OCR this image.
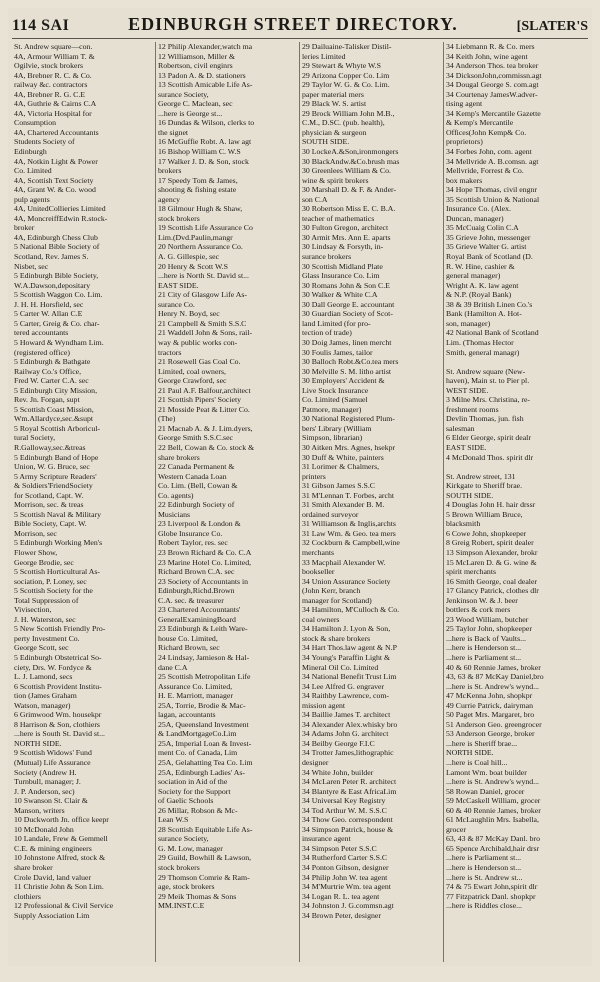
114 SAI	EDINBURGH STREET DIRECTORY.	[SLATER'S
St. Andrew square—con.
4A, Armour William T. &
Ogilvie, stock brokers
4A, Brebner R. C. & Co.
railway &c. contractors
4A, Brebner R. G. C.E
4A, Guthrie & Cairns C.A
4A, Victoria Hospital for
Consumption
4A, Chartered Accountants
Students Society of
Edinburgh
4A, Notkin Light & Power
Co. Limited
4A, Scottish Text Society
4A, Grant W. & Co. wood
pulp agents
4A, UnitedCollieries Limited
4A, MoncreiffEdwin R.stock-
broker
4A, Edinburgh Chess Club
5 National Bible Society of
Scotland, Rev. James S.
Nisbet, sec
5 Edinburgh Bible Society,
W.A.Dawson,depositary
5 Scottish Waggon Co. Lim.
J. H. H. Horsfield, sec
5 Carter W. Allan C.E
5 Carter, Greig & Co. char-
tered accountants
5 Howard & Wyndham Lim.
(registered office)
5 Edinburgh & Bathgate
Railway Co.'s Office,
Fred W. Carter C.A. sec
5 Edinburgh City Mission,
Rev. Jn. Forgan, supt
5 Scottish Coast Mission,
Wm.Allardyce,sec.&supt
5 Royal Scottish Arboricul-
tural Society,
R.Galloway,sec.&treas
5 Edinburgh Band of Hope
Union, W. G. Bruce, sec
5 Army Scripture Readers'
& Soldiers'FriendSociety
for Scotland, Capt. W.
Morrison, sec. & treas
5 Scottish Naval & Military
Bible Society, Capt. W.
Morrison, sec
5 Edinburgh Working Men's
Flower Show,
George Brodie, sec
5 Scottish Horticultural As-
sociation, P. Loney, sec
5 Scottish Society for the
Total Suppression of
Vivisection,
J. H. Waterston, sec
5 New Scottish Friendly Pro-
perty Investment Co.
George Scott, sec
5 Edinburgh Obstetrical So-
ciety, Drs. W. Fordyce &
L. J. Lamond, secs
6 Scottish Provident Institu-
tion (James Graham
Watson, manager)
6 Grimwood Wm. housekpr
8 Harrison & Son, clothiers
...here is South St. David st...
NORTH SIDE.
9 Scottish Widows' Fund
(Mutual) Life Assurance
Society (Andrew H.
Turnbull, manager; J.
J. P. Anderson, sec)
10 Swanson St. Clair &
Manson, writers
10 Duckworth Jn. office keepr
10 McDonald John
10 Landale, Frew & Gemmell
C.E. & mining engineers
10 Johnstone Alfred, stock &
share broker
Crole David, land valuer
11 Christie John & Son Lim.
clothiers
12 Professional & Civil Service
Supply Association Lim
12 Philip Alexander,watch ma
12 Williamson, Miller &
Robertson, civil enginrs
13 Padon A. & D. stationers
13 Scottish Amicable Life As-
surance Society,
George C. Maclean, sec
...here is George st...
16 Dundas & Wilson, clerks to
the signet
16 McGuffie Robt. A. law agt
16 Bishop William C. W.S
17 Walker J. D. & Son, stock
brokers
17 Speedy Tom & James,
shooting & fishing estate
agency
18 Gilmour Hugh & Shaw,
stock brokers
19 Scottish Life Assurance Co
Lim.(Dvd.Paulin,mangr
20 Northern Assurance Co.
A. G. Gillespie, sec
20 Henry & Scott W.S
...here is North St. David st...
EAST SIDE.
21 City of Glasgow Life As-
surance Co.
Henry N. Boyd, sec
21 Campbell & Smith S.S.C
21 Waddell John & Sons, rail-
way & public works con-
tractors
21 Rosewell Gas Coal Co.
Limited, coal owners,
George Crawford, sec
21 Paul A.F. Balfour,architect
21 Scottish Pipers' Society
21 Mosside Peat & Litter Co.
(The)
21 Macnab A. & J. Lim.dyers,
George Smith S.S.C.sec
22 Bell, Cowan & Co. stock &
share brokers
22 Canada Permanent &
Western Canada Loan
Co. Lim. (Bell, Cowan &
Co. agents)
22 Edinburgh Society of
Musicians
23 Liverpool & London &
Globe Insurance Co.
Robert Taylor, res. sec
23 Brown Richard & Co. C.A
23 Marine Hotel Co. Limited,
Richard Brown C.A. sec
23 Society of Accountants in
Edinburgh,Richd.Brown
C.A. sec. & treasurer
23 Chartered Accountants'
GeneralExaminingBoard
23 Edinburgh & Leith Ware-
house Co. Limited,
Richard Brown, sec
24 Lindsay, Jamieson & Hal-
dane C.A
25 Scottish Metropolitan Life
Assurance Co. Limited,
H. E. Marriott, manager
25A, Torrie, Brodie & Mac-
lagan, accountants
25A, Queensland Investment
& LandMortgageCo.Lim
25A, Imperial Loan & Invest-
ment Co. of Canada, Lim
25A, Gelahatting Tea Co. Lim
25A, Edinburgh Ladies' As-
sociation in Aid of the
Society for the Support
of Gaelic Schools
26 Millar, Robson & Mc-
Lean W.S
28 Scottish Equitable Life As-
surance Society,
G. M. Low, manager
29 Guild, Bowhill & Lawson,
stock brokers
29 Thomson Comrie & Ram-
age, stock brokers
29 Meik Thomas & Sons
MM.INST.C.E
29 Dailuaine-Talisker Distil-
leries Limited
29 Stewart & Whyte W.S
29 Arizona Copper Co. Lim
29 Taylor W. G. & Co. Lim.
paper material mers
29 Black W. S. artist
29 Brock William John M.B.,
C.M., D.SC. (pub. health),
physician & surgeon
SOUTH SIDE.
30 LockeA.&Son,ironmongers
30 BlackAndw.&Co.brush mas
30 Greenlees William & Co.
wine & spirit brokers
30 Marshall D. & F. & Ander-
son C.A
30 Robertson Miss E. C. B.A.
teacher of mathematics
30 Fulton Gregon, architect
30 Armit Mrs. Ann E. aparts
30 Lindsay & Forsyth, in-
surance brokers
30 Scottish Midland Plate
Glass Insurance Co. Lim
30 Romans John & Son C.E
30 Walker & White C.A
30 Dall George E. accountant
30 Guardian Society of Scot-
land Limited (for pro-
tection of trade)
30 Doig James, linen mercht
30 Foulis James, tailor
30 Balloch Robt.&Co.tea mers
30 Melville S. M. litho artist
30 Employers' Accident &
Live Stock Insurance
Co. Limited (Samuel
Patmore, manager)
30 National Registered Plum-
bers' Library (William
Simpson, librarian)
30 Aitken Mrs. Agnes, hsekpr
30 Duff & White, painters
31 Lorimer & Chalmers,
printers
31 Gibson James S.S.C
31 M'Lennan T. Forbes, archt
31 Smith Alexander B. M.
ordained surveyor
31 Williamson & Inglis,archts
31 Law Wm. & Geo. tea mers
32 Cockburn & Campbell,wine
merchants
33 Macphail Alexander W.
bookseller
34 Union Assurance Society
(John Kerr, branch
manager for Scotland)
34 Hamilton, M'Culloch & Co.
coal owners
34 Hamilton J. Lyon & Son,
stock & share brokers
34 Hart Thos.law agent & N.P
34 Young's Paraffin Light &
Mineral Oil Co. Limited
34 National Benefit Trust Lim
34 Lee Alfred G. engraver
34 Raithby Lawrence, com-
mission agent
34 Baillie James T. architect
34 Alexander Alex.whisky bro
34 Adams John G. architect
34 Beilby George F.I.C
34 Trotter James,lithographic
designer
34 White John, builder
34 McLaren Peter R. architect
34 Blantyre & East AfricaLim
34 Universal Key Registry
34 Tod Arthur W. M. S.S.C
34 Thow Geo. correspondent
34 Simpson Patrick, house &
insurance agent
34 Simpson Peter S.S.C
34 Rutherford Carter S.S.C
34 Ponton Gibson, designer
34 Philip John W. tea agent
34 M'Murtrie Wm. tea agent
34 Logan R. L. tea agent
34 Johnston J. G.commsn.agt
34 Brown Peter, designer
34 Liebmann R. & Co. mers
34 Keith John, wine agent
34 Anderson Thos. tea broker
34 DicksonJohn,commissn.agt
34 Dougal George S. com.agt
34 Courtenay JamesW.adver-
tising agent
34 Kemp's Mercantile Gazette
& Kemp's Mercantile
Offices(John Kemp& Co.
proprietors)
34 Forbes John, com. agent
34 Mellvride A. B.comsn. agt
Mellvride, Forrest & Co.
box makers
34 Hope Thomas, civil engnr
35 Scottish Union & National
Insurance Co. (Alex.
Duncan, manager)
35 McCuaig Colin C.A
35 Grieve John, messenger
35 Grieve Walter G. artist
Royal Bank of Scotland (D.
R. W. Hine, cashier &
general manager)
Wright A. K. law agent
& N.P. (Royal Bank)
38 & 39 British Linen Co.'s
Bank (Hamilton A. Hot-
son, manager)
42 National Bank of Scotland
Lim. (Thomas Hector
Smith, general managr)

St. Andrew square (New-
haven), Main st. to Pier pl.
WEST SIDE.
3 Milne Mrs. Christina, re-
freshment rooms
Devlin Thomas, jun. fish
salesman
6 Elder George, spirit dealr
EAST SIDE.
4 McDonald Thos. spirit dlr

St. Andrew street, 131
Kirkgate to Sheriff brae.
SOUTH SIDE.
4 Douglas John H. hair drssr
5 Brown William Bruce,
blacksmith
6 Cowe John, shopkeeper
8 Greig Robert, spirit dealer
13 Simpson Alexander, brokr
15 McLaren D. & G. wine &
spirit merchants
16 Smith George, coal dealer
17 Glancy Patrick, clothes dlr
Jenkinson W. & J. beer
bottlers & cork mers
23 Wood William, butcher
25 Taylor John, shopkeeper
...here is Back of Vaults...
...here is Henderson st...
...here is Parliament st...
40 & 60 Rennie James, broker
43, 63 & 87 McKay Daniel,bro
...here is St. Andrew's wynd...
47 McKenna John, shopkpr
49 Currie Patrick, dairyman
50 Paget Mrs. Margaret, bro
51 Anderson Geo. greengrocer
53 Anderson George, broker
...here is Sheriff brae...
NORTH SIDE.
...here is Coal hill...
Lamont Wm. boat builder
...here is St. Andrew's wynd...
58 Rowan Daniel, grocer
59 McCaskell William, grocer
60 & 40 Rennie James, broker
61 McLaughlin Mrs. Isabella,
grocer
63, 43 & 87 McKay Danl. bro
65 Spence Archibald,hair drsr
...here is Parliament st...
...here is Henderson st...
...here is St. Andrew st...
74 & 75 Ewart John,spirit dlr
77 Fitzpatrick Danl. shopkpr
...here is Riddles close...
